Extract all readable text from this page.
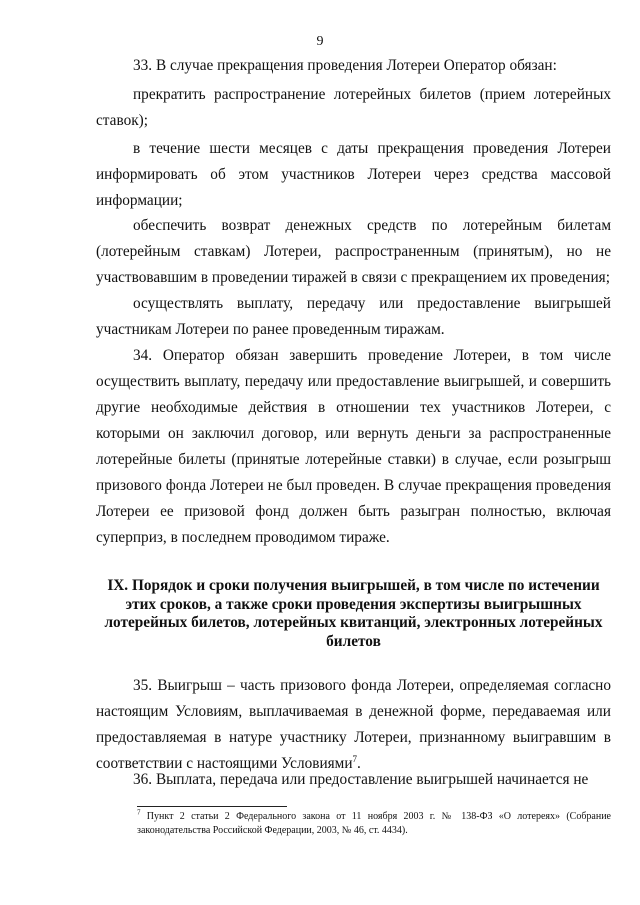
9

33. В случае прекращения проведения Лотереи Оператор обязан:

прекратить распространение лотерейных билетов (прием лотерейных ставок);

в течение шести месяцев с даты прекращения проведения Лотереи информировать об этом участников Лотереи через средства массовой информации;

обеспечить возврат денежных средств по лотерейным билетам (лотерейным ставкам) Лотереи, распространенным (принятым), но не участвовавшим в проведении тиражей в связи с прекращением их проведения;

осуществлять выплату, передачу или предоставление выигрышей участникам Лотереи по ранее проведенным тиражам.

34. Оператор обязан завершить проведение Лотереи, в том числе осуществить выплату, передачу или предоставление выигрышей, и совершить другие необходимые действия в отношении тех участников Лотереи, с которыми он заключил договор, или вернуть деньги за распространенные лотерейные билеты (принятые лотерейные ставки) в случае, если розыгрыш призового фонда Лотереи не был проведен. В случае прекращения проведения Лотереи ее призовой фонд должен быть разыгран полностью, включая суперприз, в последнем проводимом тираже.

IX. Порядок и сроки получения выигрышей, в том числе по истечении этих сроков, а также сроки проведения экспертизы выигрышных лотерейных билетов, лотерейных квитанций, электронных лотерейных билетов

35. Выигрыш – часть призового фонда Лотереи, определяемая согласно настоящим Условиям, выплачиваемая в денежной форме, передаваемая или предоставляемая в натуре участнику Лотереи, признанному выигравшим в соответствии с настоящими Условиями$^7$.

36. Выплата, передача или предоставление выигрышей начинается не

$^7$ Пункт 2 статьи 2 Федерального закона от 11 ноября 2003 г. № 138-ФЗ «О лотереях» (Собрание законодательства Российской Федерации, 2003, № 46, ст. 4434).
